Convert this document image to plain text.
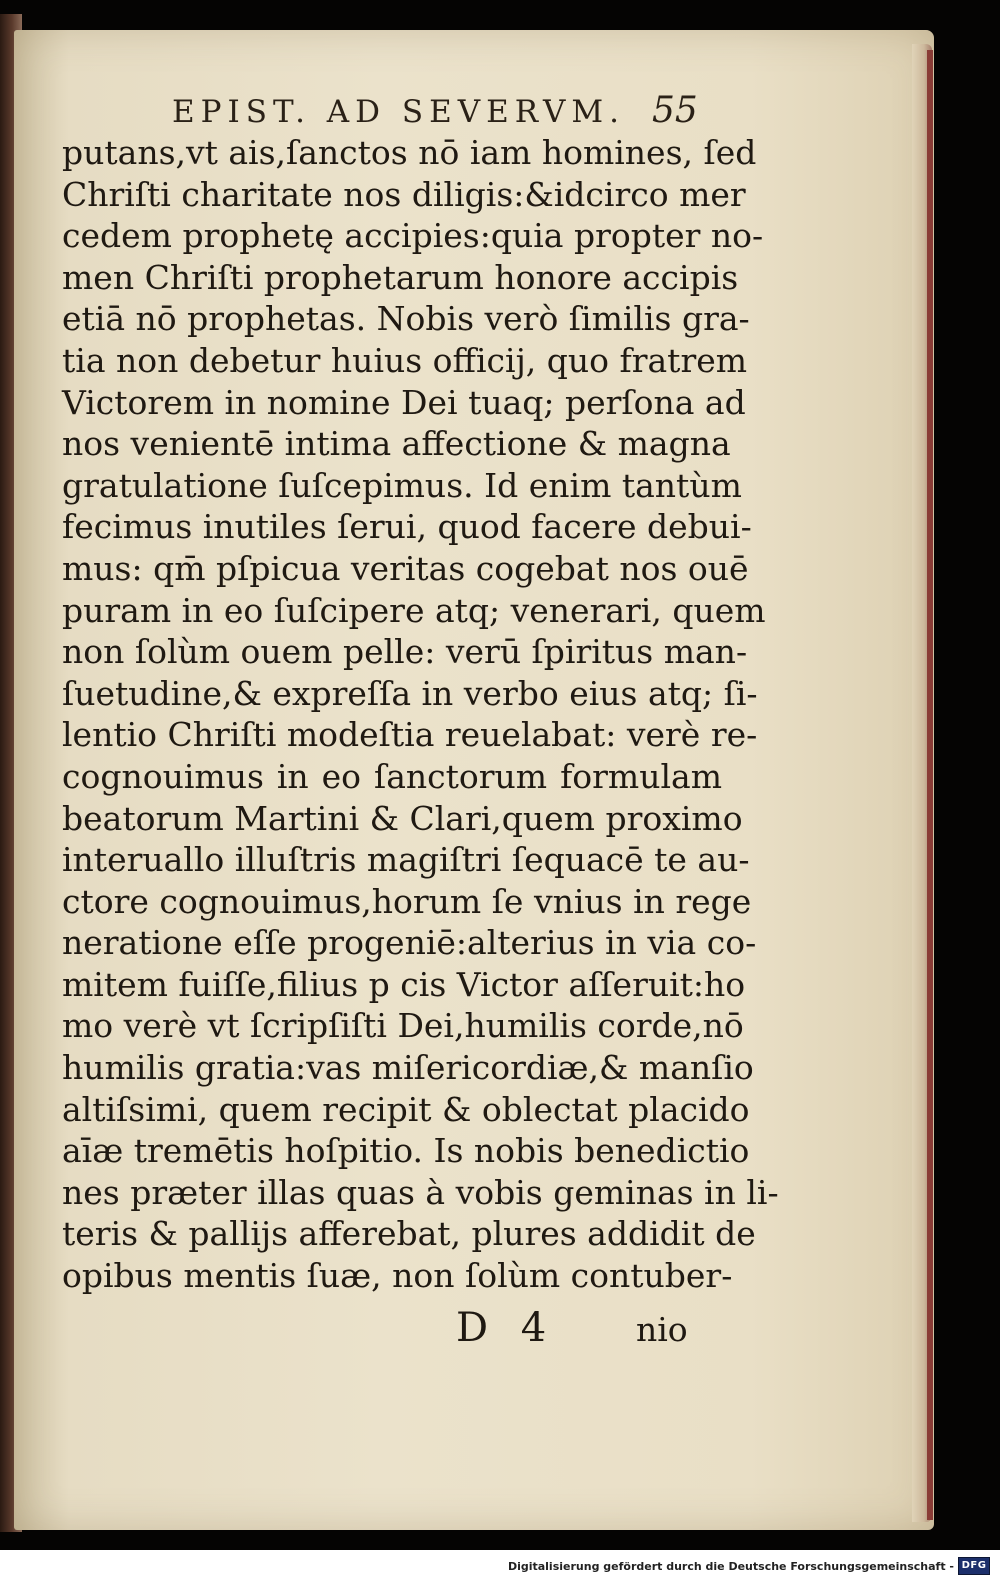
EPIST. AD SEVERVM. 55
putans,vt ais,ſanctos nō iam homines, ſed
Chriſti charitate nos diligis:&idcirco mer
cedem prophetę accipies:quia propter no-
men Chriſti prophetarum honore accipis
etiā nō prophetas. Nobis verò ſimilis gra-
tia non debetur huius officij, quo fratrem
Victorem in nomine Dei tuaq; perſona ad
nos venientē intima affectione & magna
gratulatione ſuſcepimus. Id enim tantùm
fecimus inutiles ſerui, quod facere debui-
mus: qm̄ pſpicua veritas cogebat nos ouē
puram in eo ſuſcipere atq; venerari, quem
non ſolùm ouem pelle: verū ſpiritus man-
ſuetudine,& expreſſa in verbo eius atq; ſi-
lentio Chriſti modeſtia reuelabat: verè re-
cognouimus in eo ſanctorum formulam
beatorum Martini & Clari,quem proximo
interuallo illuſtris magiſtri ſequacē te au-
ctore cognouimus,horum ſe vnius in rege
neratione eſſe progeniē:alterius in via co-
mitem fuiſſe,filius p cis Victor aſſeruit:ho
mo verè vt ſcripſiſti Dei,humilis corde,nō
humilis gratia:vas miſericordiæ,& manſio
altiſsimi, quem recipit & oblectat placido
aīæ tremētis hoſpitio. Is nobis benedictio
nes præter illas quas à vobis geminas in li-
teris & pallijs afferebat, plures addidit de
opibus mentis ſuæ, non ſolùm contuber-
D 4 nio
Digitalisierung gefördert durch die Deutsche Forschungsgemeinschaft - DFG
